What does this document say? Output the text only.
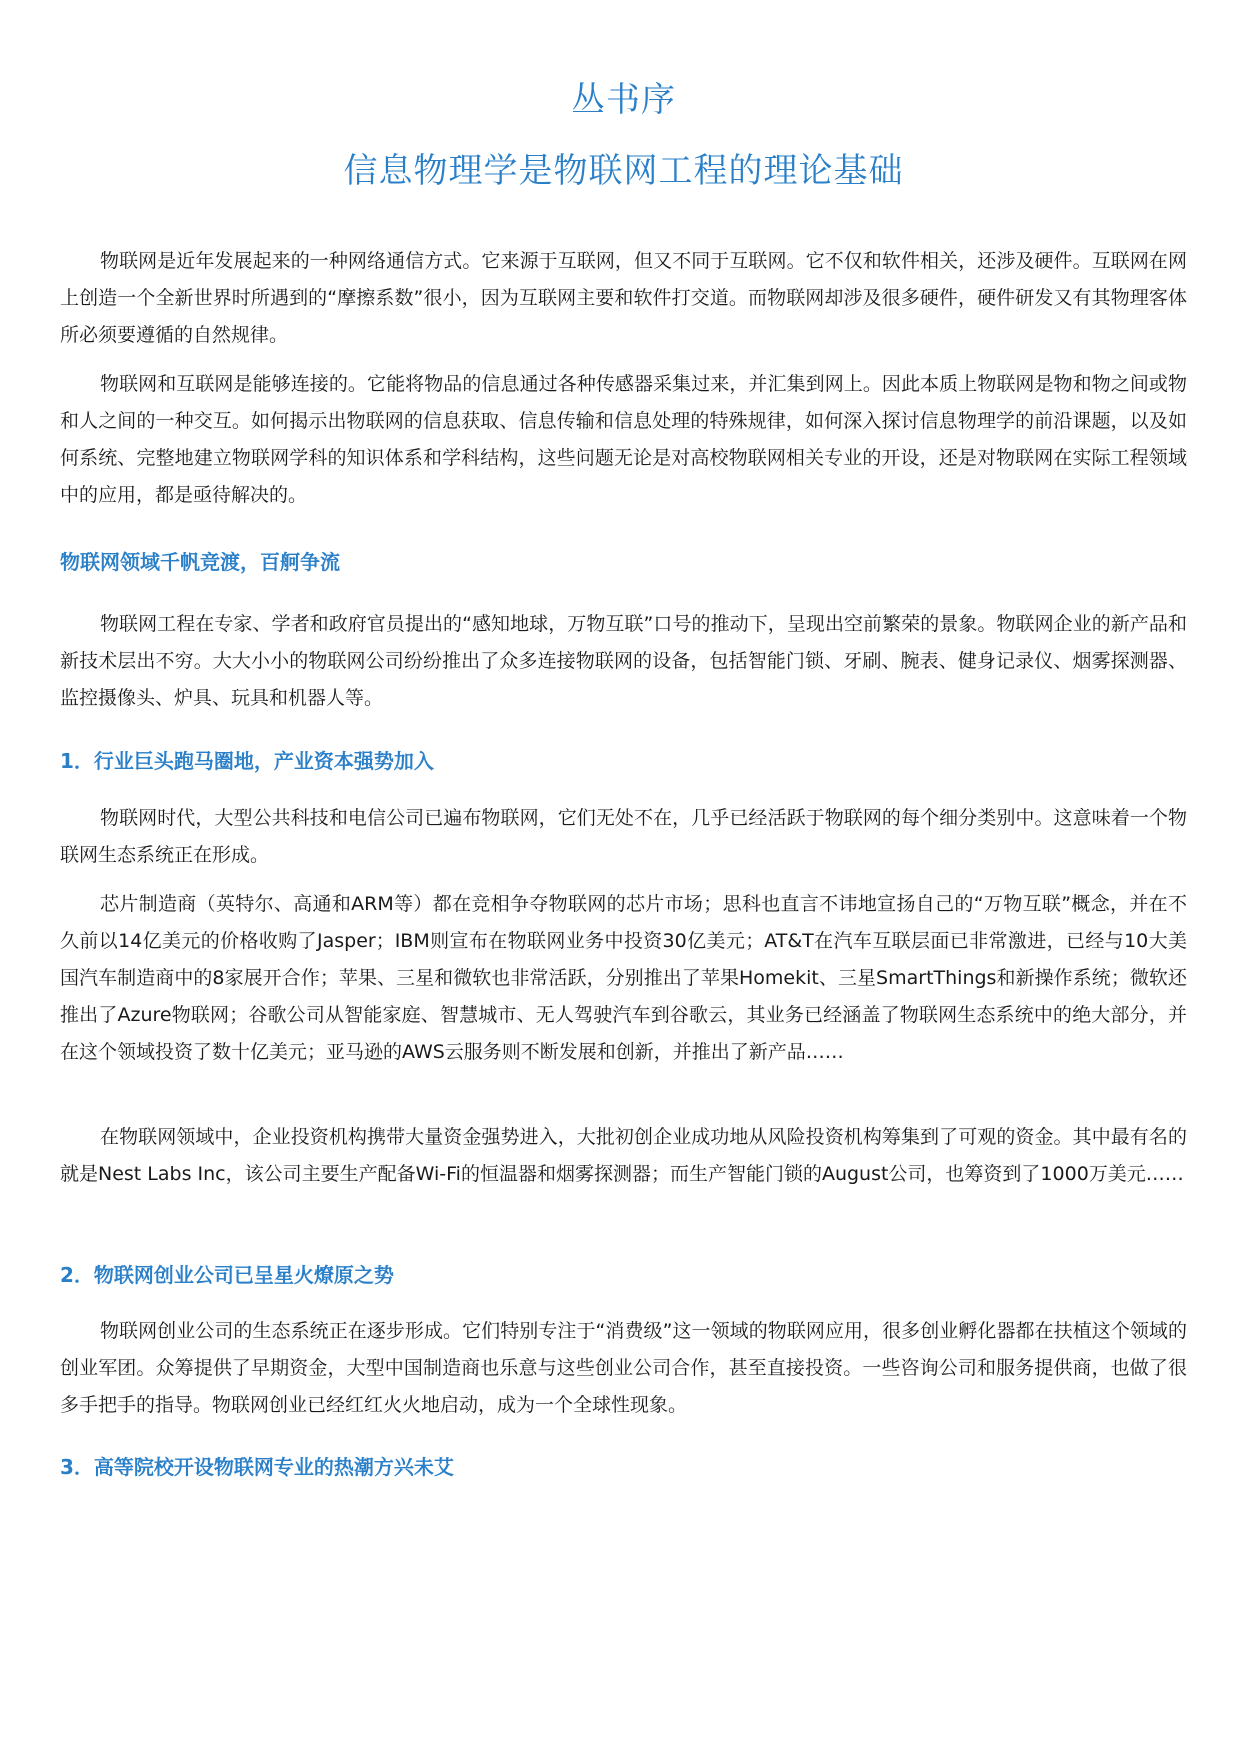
丛书序
信息物理学是物联网工程的理论基础

物联网是近年发展起来的一种网络通信方式。它来源于互联网，但又不同于互联网。它不仅和软件相关，还涉及硬件。互联网在网上创造一个全新世界时所遇到的“摩擦系数”很小，因为互联网主要和软件打交道。而物联网却涉及很多硬件，硬件研发又有其物理客体所必须要遵循的自然规律。

物联网和互联网是能够连接的。它能将物品的信息通过各种传感器采集过来，并汇集到网上。因此本质上物联网是物和物之间或物和人之间的一种交互。如何揭示出物联网的信息获取、信息传输和信息处理的特殊规律，如何深入探讨信息物理学的前沿课题，以及如何系统、完整地建立物联网学科的知识体系和学科结构，这些问题无论是对高校物联网相关专业的开设，还是对物联网在实际工程领域中的应用，都是亟待解决的。

物联网领域千帆竞渡，百舸争流

物联网工程在专家、学者和政府官员提出的“感知地球，万物互联”口号的推动下，呈现出空前繁荣的景象。物联网企业的新产品和新技术层出不穷。大大小小的物联网公司纷纷推出了众多连接物联网的设备，包括智能门锁、牙刷、腕表、健身记录仪、烟雾探测器、监控摄像头、炉具、玩具和机器人等。

1．行业巨头跑马圈地，产业资本强势加入

物联网时代，大型公共科技和电信公司已遍布物联网，它们无处不在，几乎已经活跃于物联网的每个细分类别中。这意味着一个物联网生态系统正在形成。

芯片制造商（英特尔、高通和ARM等）都在竞相争夺物联网的芯片市场；思科也直言不讳地宣扬自己的“万物互联”概念，并在不久前以14亿美元的价格收购了Jasper；IBM则宣布在物联网业务中投资30亿美元；AT&T在汽车互联层面已非常激进，已经与10大美国汽车制造商中的8家展开合作；苹果、三星和微软也非常活跃，分别推出了苹果Homekit、三星SmartThings和新操作系统；微软还推出了Azure物联网；谷歌公司从智能家庭、智慧城市、无人驾驶汽车到谷歌云，其业务已经涵盖了物联网生态系统中的绝大部分，并在这个领域投资了数十亿美元；亚马逊的AWS云服务则不断发展和创新，并推出了新产品……

在物联网领域中，企业投资机构携带大量资金强势进入，大批初创企业成功地从风险投资机构筹集到了可观的资金。其中最有名的就是Nest Labs Inc，该公司主要生产配备Wi-Fi的恒温器和烟雾探测器；而生产智能门锁的August公司，也筹资到了1000万美元……

2．物联网创业公司已呈星火燎原之势

物联网创业公司的生态系统正在逐步形成。它们特别专注于“消费级”这一领域的物联网应用，很多创业孵化器都在扶植这个领域的创业军团。众筹提供了早期资金，大型中国制造商也乐意与这些创业公司合作，甚至直接投资。一些咨询公司和服务提供商，也做了很多手把手的指导。物联网创业已经红红火火地启动，成为一个全球性现象。

3．高等院校开设物联网专业的热潮方兴未艾
